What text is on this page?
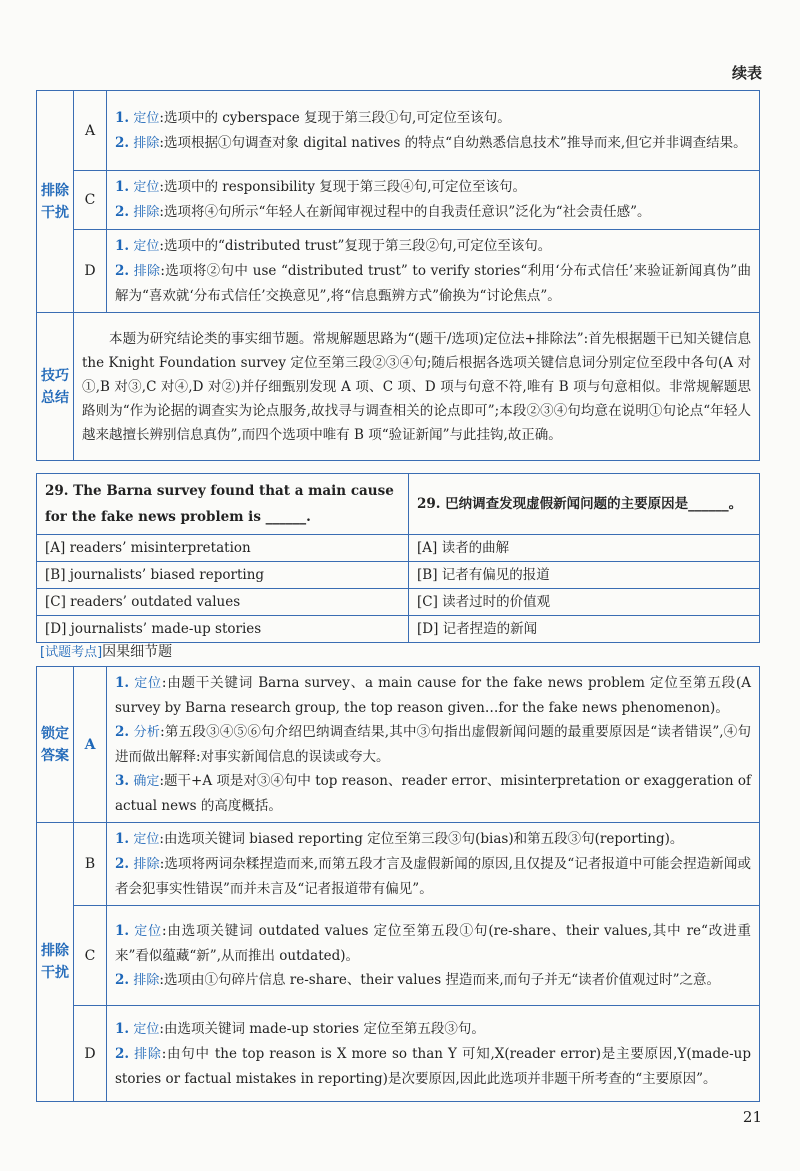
续表
排除干扰	A	1. 定位:选项中的 cyberspace 复现于第三段①句,可定位至该句。

2. 排除:选项根据①句调查对象 digital natives 的特点“自幼熟悉信息技术”推导而来,但它并非调查结果。

	C	1. 定位:选项中的 responsibility 复现于第三段④句,可定位至该句。

2. 排除:选项将④句所示“年轻人在新闻审视过程中的自我责任意识”泛化为“社会责任感”。

	D	1. 定位:选项中的“distributed trust”复现于第三段②句,可定位至该句。

2. 排除:选项将②句中 use “distributed trust” to verify stories“利用‘分布式信任’来验证新闻真伪”曲解为“喜欢就‘分布式信任’交换意见”,将“信息甄辨方式”偷换为“讨论焦点”。

技巧总结	本题为研究结论类的事实细节题。常规解题思路为“(题干/选项)定位法+排除法”:首先根据题干已知关键信息 the Knight Foundation survey 定位至第三段②③④句;随后根据各选项关键信息词分别定位至段中各句(A 对①,B 对③,C 对④,D 对②)并仔细甄别发现 A 项、C 项、D 项与句意不符,唯有 B 项与句意相似。非常规解题思路则为“作为论据的调查实为论点服务,故找寻与调查相关的论点即可”;本段②③④句均意在说明①句论点“年轻人越来越擅长辨别信息真伪”,而四个选项中唯有 B 项“验证新闻”与此挂钩,故正确。	

29. The Barna survey found that a main cause for the fake news problem is ______.	29. 巴纳调查发现虚假新闻问题的主要原因是______。
[A] readers’ misinterpretation	[A] 读者的曲解
[B] journalists’ biased reporting	[B] 记者有偏见的报道
[C] readers’ outdated values	[C] 读者过时的价值观
[D] journalists’ made-up stories	[D] 记者捏造的新闻
[试题考点]因果细节题
锁定答案	A	1. 定位:由题干关键词 Barna survey、a main cause for the fake news problem 定位至第五段(A survey by Barna research group, the top reason given…for the fake news phenomenon)。

2. 分析:第五段③④⑤⑥句介绍巴纳调查结果,其中③句指出虚假新闻问题的最重要原因是“读者错误”,④句进而做出解释:对事实新闻信息的误读或夸大。

3. 确定:题干+A 项是对③④句中 top reason、reader error、misinterpretation or exaggeration of actual news 的高度概括。

排除干扰	B	1. 定位:由选项关键词 biased reporting 定位至第三段③句(bias)和第五段③句(reporting)。

2. 排除:选项将两词杂糅捏造而来,而第五段才言及虚假新闻的原因,且仅提及“记者报道中可能会捏造新闻或者会犯事实性错误”而并未言及“记者报道带有偏见”。

	C	1. 定位:由选项关键词 outdated values 定位至第五段①句(re-share、their values,其中 re“改进重来”看似蕴藏“新”,从而推出 outdated)。

2. 排除:选项由①句碎片信息 re-share、their values 捏造而来,而句子并无“读者价值观过时”之意。

	D	1. 定位:由选项关键词 made-up stories 定位至第五段③句。

2. 排除:由句中 the top reason is X more so than Y 可知,X(reader error)是主要原因,Y(made-up stories or factual mistakes in reporting)是次要原因,因此此选项并非题干所考查的“主要原因”。

21
